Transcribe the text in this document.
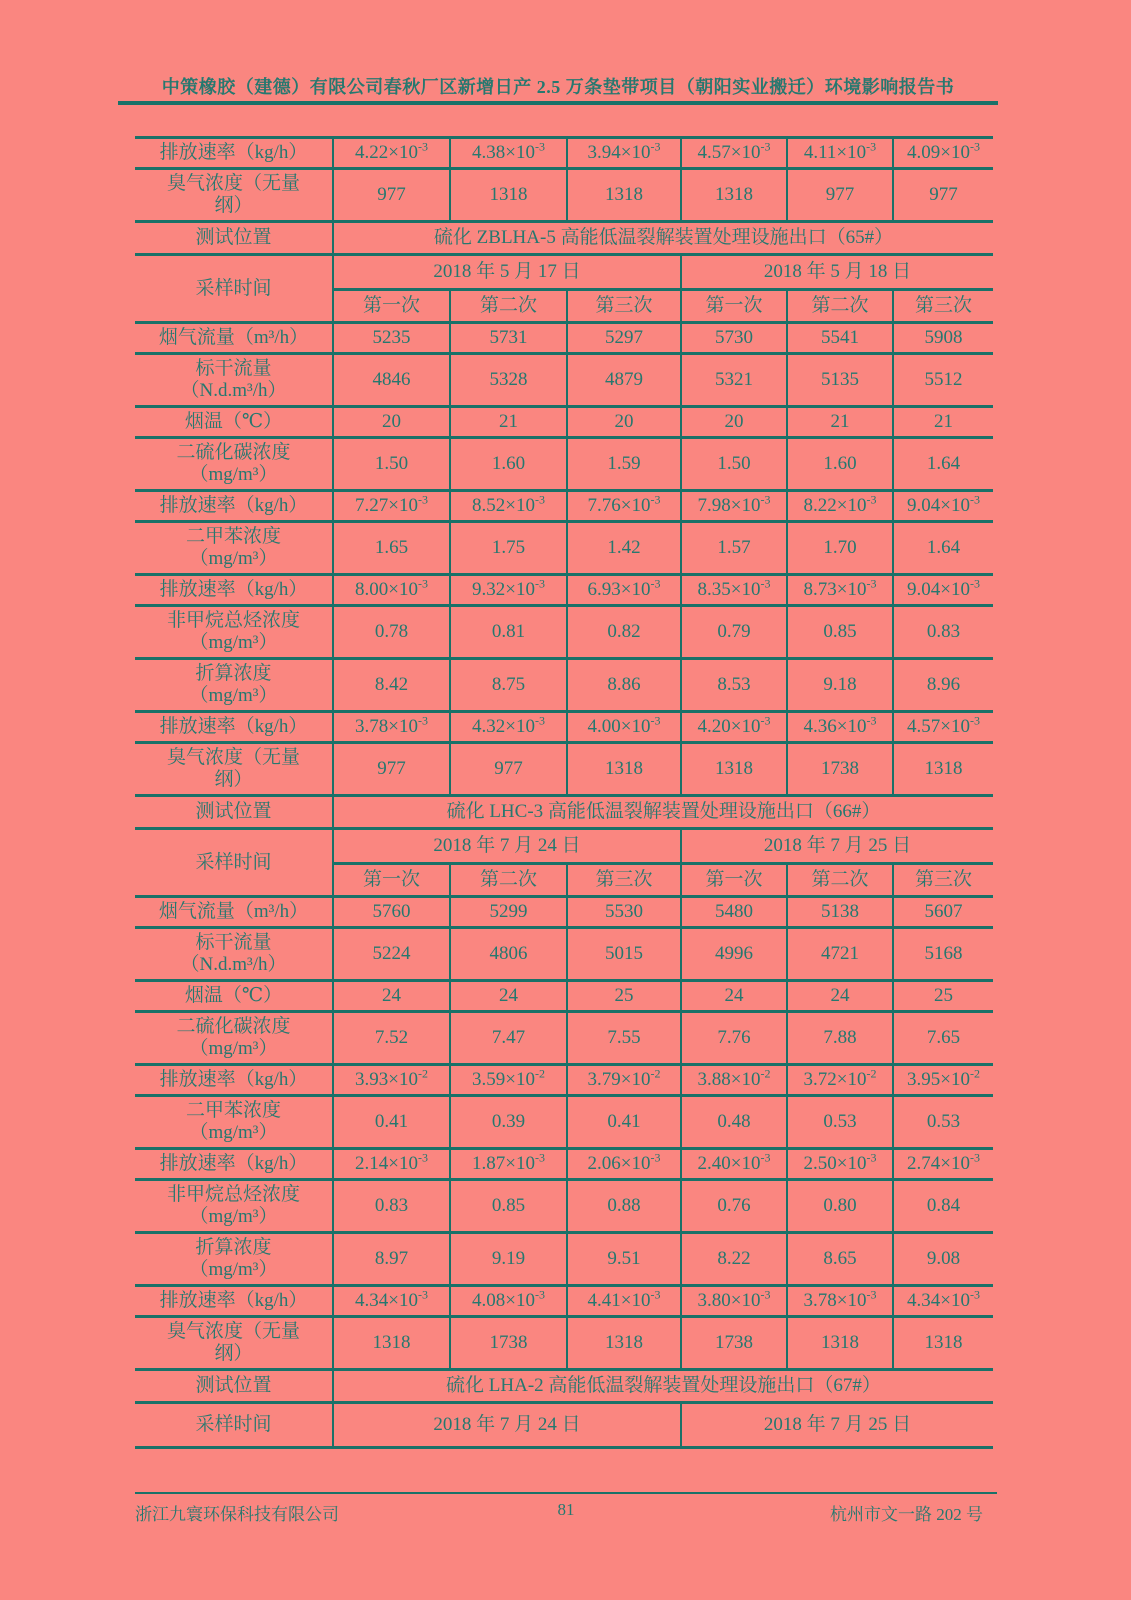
中策橡胶（建德）有限公司春秋厂区新增日产 2.5 万条垫带项目（朝阳实业搬迁）环境影响报告书
排放速率（kg/h）	$4.22\times 10^{-3}$	$4.38\times 10^{-3}$	$3.94\times 10^{-3}$	$4.57\times 10^{-3}$	$4.11\times 10^{-3}$	$4.09\times 10^{-3}$
臭气浓度（无量
纲）	977	1318	1318	1318	977	977
测试位置	硫化 ZBLHA-5 高能低温裂解装置处理设施出口（65#）					
采样时间	2018 年 5 月 17 日			2018 年 5 月 18 日		
	第一次	第二次	第三次	第一次	第二次	第三次
烟气流量（m³/h）	5235	5731	5297	5730	5541	5908
标干流量
（N.d.m³/h）	4846	5328	4879	5321	5135	5512
烟温（℃）	20	21	20	20	21	21
二硫化碳浓度
（mg/m³）	1.50	1.60	1.59	1.50	1.60	1.64
排放速率（kg/h）	$7.27\times 10^{-3}$	$8.52\times 10^{-3}$	$7.76\times 10^{-3}$	$7.98\times 10^{-3}$	$8.22\times 10^{-3}$	$9.04\times 10^{-3}$
二甲苯浓度
（mg/m³）	1.65	1.75	1.42	1.57	1.70	1.64
排放速率（kg/h）	$8.00\times 10^{-3}$	$9.32\times 10^{-3}$	$6.93\times 10^{-3}$	$8.35\times 10^{-3}$	$8.73\times 10^{-3}$	$9.04\times 10^{-3}$
非甲烷总烃浓度
（mg/m³）	0.78	0.81	0.82	0.79	0.85	0.83
折算浓度
（mg/m³）	8.42	8.75	8.86	8.53	9.18	8.96
排放速率（kg/h）	$3.78\times 10^{-3}$	$4.32\times 10^{-3}$	$4.00\times 10^{-3}$	$4.20\times 10^{-3}$	$4.36\times 10^{-3}$	$4.57\times 10^{-3}$
臭气浓度（无量
纲）	977	977	1318	1318	1738	1318
测试位置	硫化 LHC-3 高能低温裂解装置处理设施出口（66#）					
采样时间	2018 年 7 月 24 日			2018 年 7 月 25 日		
	第一次	第二次	第三次	第一次	第二次	第三次
烟气流量（m³/h）	5760	5299	5530	5480	5138	5607
标干流量
（N.d.m³/h）	5224	4806	5015	4996	4721	5168
烟温（℃）	24	24	25	24	24	25
二硫化碳浓度
（mg/m³）	7.52	7.47	7.55	7.76	7.88	7.65
排放速率（kg/h）	$3.93\times 10^{-2}$	$3.59\times 10^{-2}$	$3.79\times 10^{-2}$	$3.88\times 10^{-2}$	$3.72\times 10^{-2}$	$3.95\times 10^{-2}$
二甲苯浓度
（mg/m³）	0.41	0.39	0.41	0.48	0.53	0.53
排放速率（kg/h）	$2.14\times 10^{-3}$	$1.87\times 10^{-3}$	$2.06\times 10^{-3}$	$2.40\times 10^{-3}$	$2.50\times 10^{-3}$	$2.74\times 10^{-3}$
非甲烷总烃浓度
（mg/m³）	0.83	0.85	0.88	0.76	0.80	0.84
折算浓度
（mg/m³）	8.97	9.19	9.51	8.22	8.65	9.08
排放速率（kg/h）	$4.34\times 10^{-3}$	$4.08\times 10^{-3}$	$4.41\times 10^{-3}$	$3.80\times 10^{-3}$	$3.78\times 10^{-3}$	$4.34\times 10^{-3}$
臭气浓度（无量
纲）	1318	1738	1318	1738	1318	1318
测试位置	硫化 LHA-2 高能低温裂解装置处理设施出口（67#）					
采样时间	2018 年 7 月 24 日			2018 年 7 月 25 日		
浙江九寰环保科技有限公司	81	杭州市文一路 202 号
